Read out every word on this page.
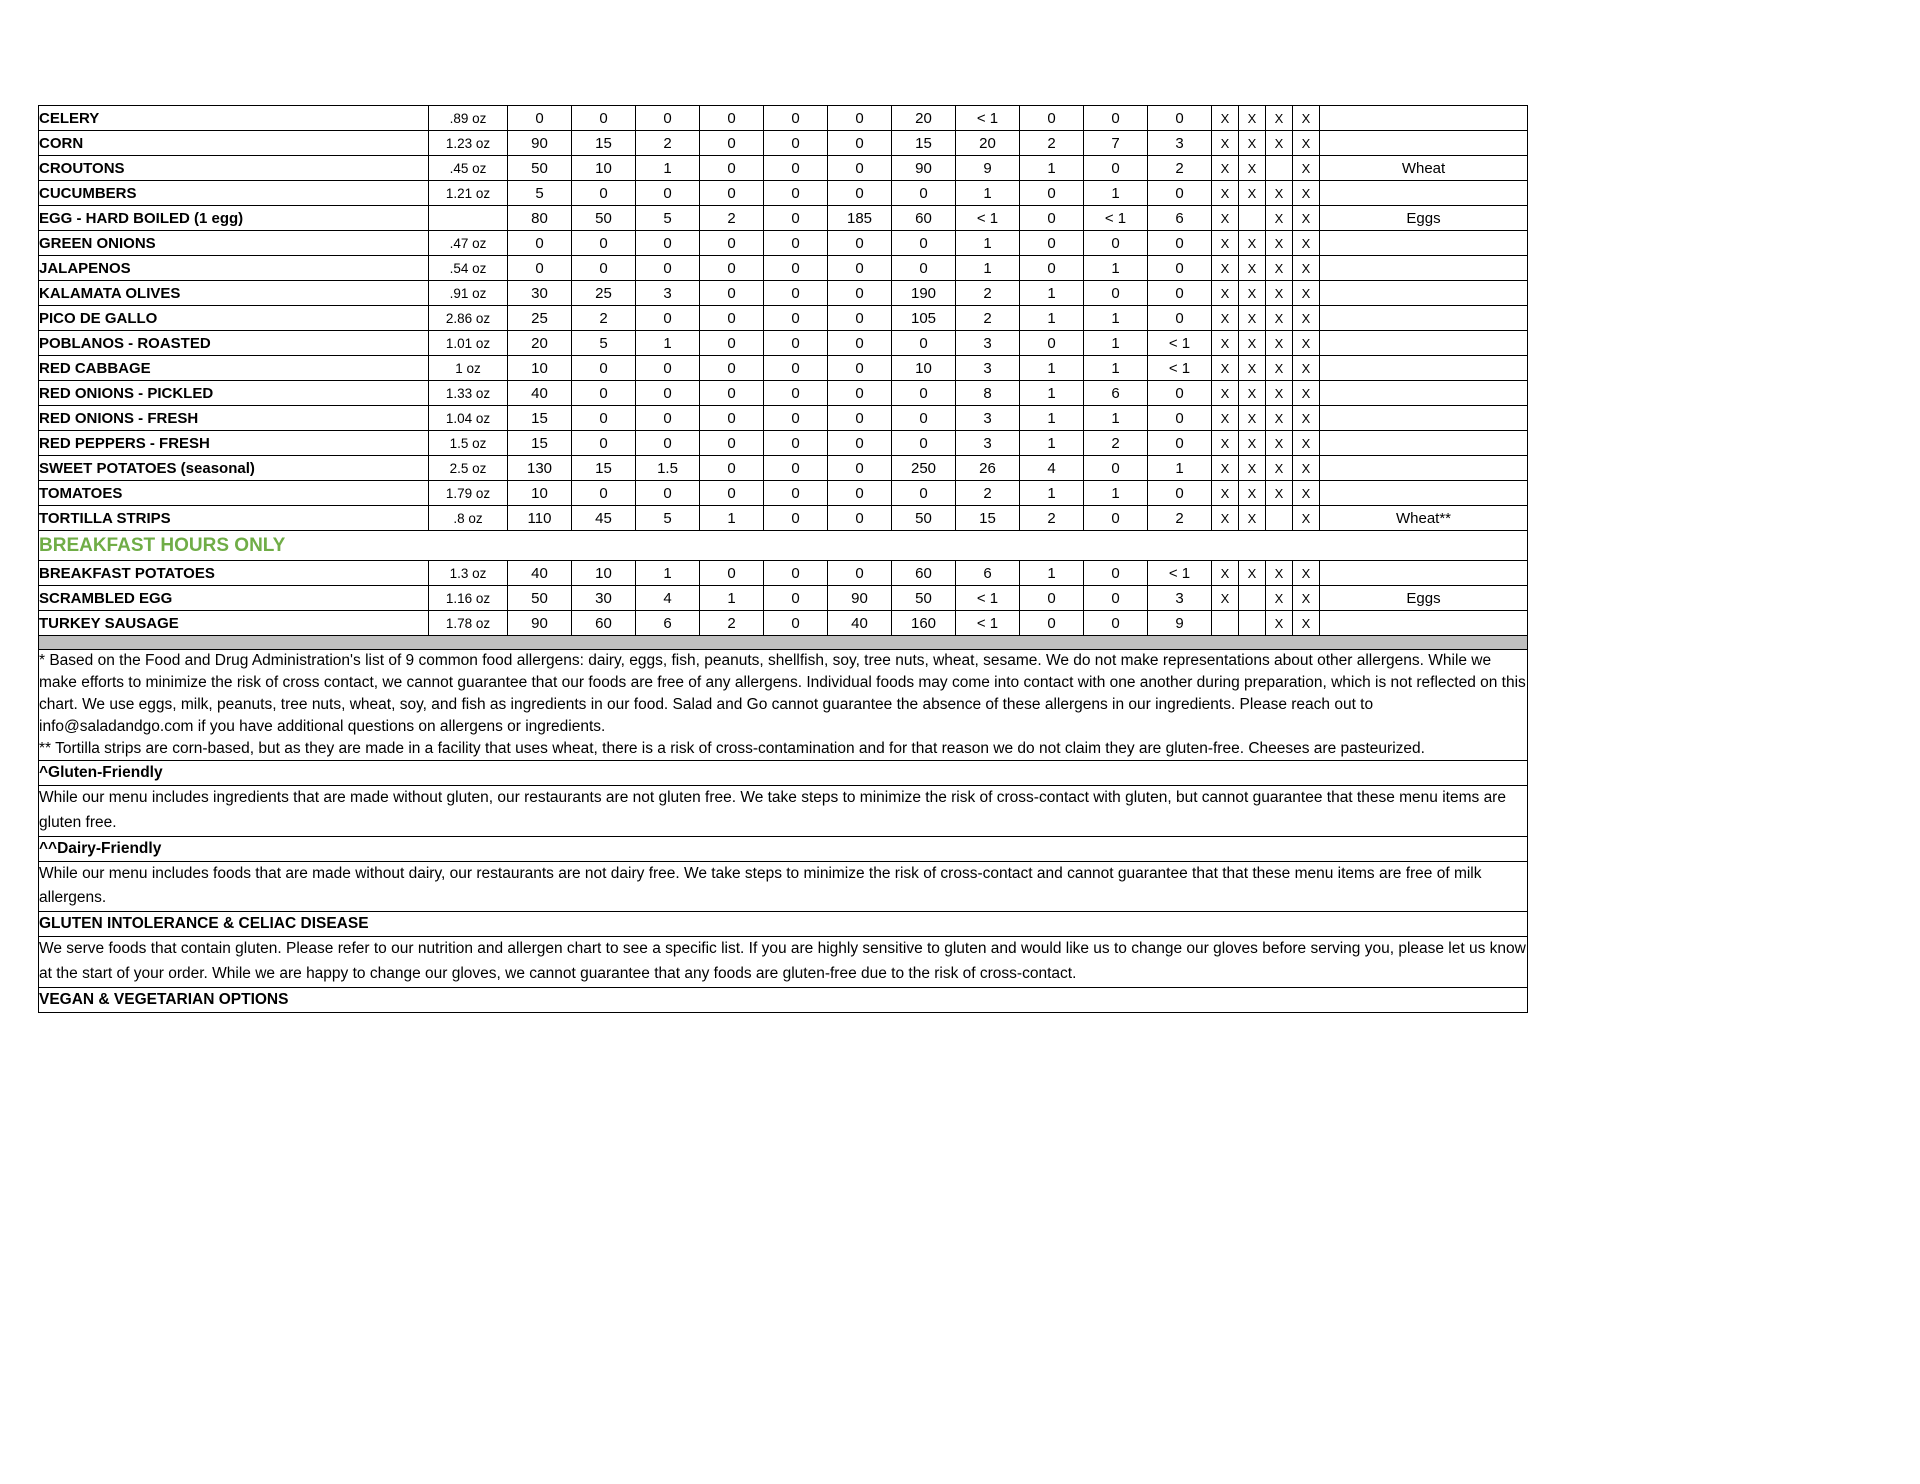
CELERY	.89 oz	0	0	0	0	0	0	20	< 1	0	0	0	X	X	X	X	
CORN	1.23 oz	90	15	2	0	0	0	15	20	2	7	3	X	X	X	X	
CROUTONS	.45 oz	50	10	1	0	0	0	90	9	1	0	2	X	X		X	Wheat
CUCUMBERS	1.21 oz	5	0	0	0	0	0	0	1	0	1	0	X	X	X	X	
EGG - HARD BOILED (1 egg)		80	50	5	2	0	185	60	< 1	0	< 1	6	X		X	X	Eggs
GREEN ONIONS	.47 oz	0	0	0	0	0	0	0	1	0	0	0	X	X	X	X	
JALAPENOS	.54 oz	0	0	0	0	0	0	0	1	0	1	0	X	X	X	X	
KALAMATA OLIVES	.91 oz	30	25	3	0	0	0	190	2	1	0	0	X	X	X	X	
PICO DE GALLO	2.86 oz	25	2	0	0	0	0	105	2	1	1	0	X	X	X	X	
POBLANOS - ROASTED	1.01 oz	20	5	1	0	0	0	0	3	0	1	< 1	X	X	X	X	
RED CABBAGE	1 oz	10	0	0	0	0	0	10	3	1	1	< 1	X	X	X	X	
RED ONIONS - PICKLED	1.33 oz	40	0	0	0	0	0	0	8	1	6	0	X	X	X	X	
RED ONIONS - FRESH	1.04 oz	15	0	0	0	0	0	0	3	1	1	0	X	X	X	X	
RED PEPPERS - FRESH	1.5 oz	15	0	0	0	0	0	0	3	1	2	0	X	X	X	X	
SWEET POTATOES (seasonal)	2.5 oz	130	15	1.5	0	0	0	250	26	4	0	1	X	X	X	X	
TOMATOES	1.79 oz	10	0	0	0	0	0	0	2	1	1	0	X	X	X	X	
TORTILLA STRIPS	.8 oz	110	45	5	1	0	0	50	15	2	0	2	X	X		X	Wheat**
BREAKFAST HOURS ONLY																	
BREAKFAST POTATOES	1.3 oz	40	10	1	0	0	0	60	6	1	0	< 1	X	X	X	X	
SCRAMBLED EGG	1.16 oz	50	30	4	1	0	90	50	< 1	0	0	3	X		X	X	Eggs
TURKEY SAUSAGE	1.78 oz	90	60	6	2	0	40	160	< 1	0	0	9			X	X	

* Based on the Food and Drug Administration's list of 9 common food allergens: dairy, eggs, fish, peanuts, shellfish, soy, tree nuts, wheat, sesame. We do not make representations about other allergens. While we make efforts to minimize the risk of cross contact, we cannot guarantee that our foods are free of any allergens. Individual foods may come into contact with one another during preparation, which is not reflected on this chart. We use eggs, milk, peanuts, tree nuts, wheat, soy, and fish as ingredients in our food. Salad and Go cannot guarantee the absence of these allergens in our ingredients. Please reach out to info@saladandgo.com if you have additional questions on allergens or ingredients.

** Tortilla strips are corn-based, but as they are made in a facility that uses wheat, there is a risk of cross-contamination and for that reason we do not claim they are gluten-free. Cheeses are pasteurized.																	

^Gluten-Friendly																	
While our menu includes ingredients that are made without gluten, our restaurants are not gluten free. We take steps to minimize the risk of cross-contact with gluten, but cannot guarantee that these menu items are gluten free.																	
^^Dairy-Friendly																	
While our menu includes foods that are made without dairy, our restaurants are not dairy free. We take steps to minimize the risk of cross-contact and cannot guarantee that that these menu items are free of milk allergens.																	
GLUTEN INTOLERANCE & CELIAC DISEASE																	
We serve foods that contain gluten. Please refer to our nutrition and allergen chart to see a specific list. If you are highly sensitive to gluten and would like us to change our gloves before serving you, please let us know at the start of your order. While we are happy to change our gloves, we cannot guarantee that any foods are gluten-free due to the risk of cross-contact.																	
VEGAN & VEGETARIAN OPTIONS																	
